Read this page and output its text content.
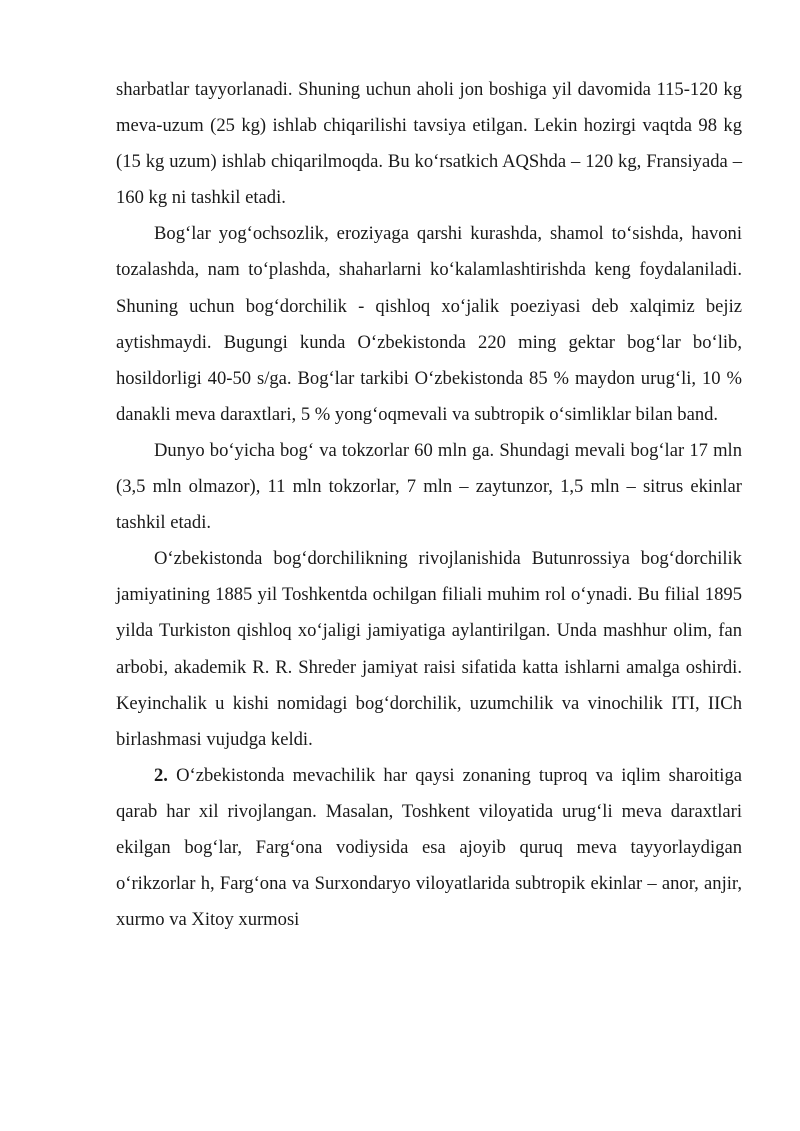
sharbatlar tayyorlanadi. Shuning uchun aholi jon boshiga yil davomida 115-120 kg meva-uzum (25 kg) ishlab chiqarilishi tavsiya etilgan. Lekin hozirgi vaqtda 98 kg (15 kg uzum) ishlab chiqarilmoqda. Bu ko‘rsatkich AQShda – 120 kg, Fransiyada – 160 kg ni tashkil etadi.

Bog‘lar yog‘ochsozlik, eroziyaga qarshi kurashda, shamol to‘sishda, havoni tozalashda, nam to‘plashda, shaharlarni ko‘kalamlashtirishda keng foydalaniladi. Shuning uchun bog‘dorchilik - qishloq xo‘jalik poeziyasi deb xalqimiz bejiz aytishmaydi. Bugungi kunda O‘zbekistonda 220 ming gektar bog‘lar bo‘lib, hosildorligi 40-50 s/ga. Bog‘lar tarkibi O‘zbekistonda 85 % maydon urug‘li, 10 % danakli meva daraxtlari, 5 % yong‘oqmevali va subtropik o‘simliklar bilan band.

Dunyo bo‘yicha bog‘ va tokzorlar 60 mln ga. Shundagi mevali bog‘lar 17 mln (3,5 mln olmazor), 11 mln tokzorlar, 7 mln – zaytunzor, 1,5 mln – sitrus ekinlar tashkil etadi.

O‘zbekistonda bog‘dorchilikning rivojlanishida Butunrossiya bog‘dorchilik jamiyatining 1885 yil Toshkentda ochilgan filiali muhim rol o‘ynadi. Bu filial 1895 yilda Turkiston qishloq xo‘jaligi jamiyatiga aylantirilgan. Unda mashhur olim, fan arbobi, akademik R. R. Shreder jamiyat raisi sifatida katta ishlarni amalga oshirdi. Keyinchalik u kishi nomidagi bog‘dorchilik, uzumchilik va vinochilik ITI, IIСh birlashmasi vujudga keldi.

2. O‘zbekistonda mevachilik har qaysi zonaning tuproq va iqlim sharoitiga qarab har xil rivojlangan. Masalan, Toshkent viloyatida urug‘li meva daraxtlari ekilgan bog‘lar, Farg‘ona vodiysida esa ajoyib quruq meva tayyorlaydigan o‘rikzorlar h, Farg‘ona va Surxondaryo viloyatlarida subtropik ekinlar – anor, anjir, xurmo va Xitoy xurmosi
